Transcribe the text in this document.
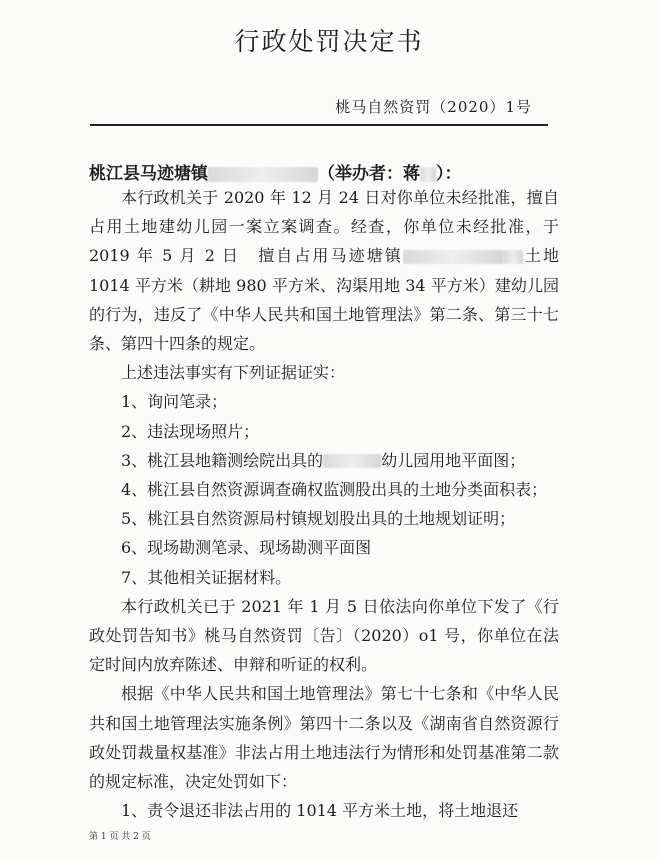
行政处罚决定书
桃马自然资罚（2020）1号
桃江县马迹塘镇	（举办者：蒋 ）：

本行政机关于 2020 年 12 月 24 日对你单位未经批准，擅自占用土地建幼儿园一案立案调查。经查，你单位未经批准，于　2019 年 5 月 2 日　擅自占用马迹塘镇	土地 1014 平方米（耕地 980 平方米、沟渠用地 34 平方米）建幼儿园的行为，违反了《中华人民共和国土地管理法》第二条、第三十七条、第四十四条的规定。

上述违法事实有下列证据证实：

1、询问笔录；

2、违法现场照片；

3、桃江县地籍测绘院出具的	幼儿园用地平面图；

4、桃江县自然资源调查确权监测股出具的土地分类面积表；

5、桃江县自然资源局村镇规划股出具的土地规划证明；

6、现场勘测笔录、现场勘测平面图

7、其他相关证据材料。

本行政机关已于 2021 年 1 月 5 日依法向你单位下发了《行政处罚告知书》桃马自然资罚〔告〕（2020）o1 号，你单位在法定时间内放弃陈述、申辩和听证的权利。

根据《中华人民共和国土地管理法》第七十七条和《中华人民共和国土地管理法实施条例》第四十二条以及《湖南省自然资源行政处罚裁量权基准》非法占用土地违法行为情形和处罚基准第二款的规定标准，决定处罚如下：

1、责令退还非法占用的 1014 平方米土地，将土地退还

第 1 页 共 2 页
